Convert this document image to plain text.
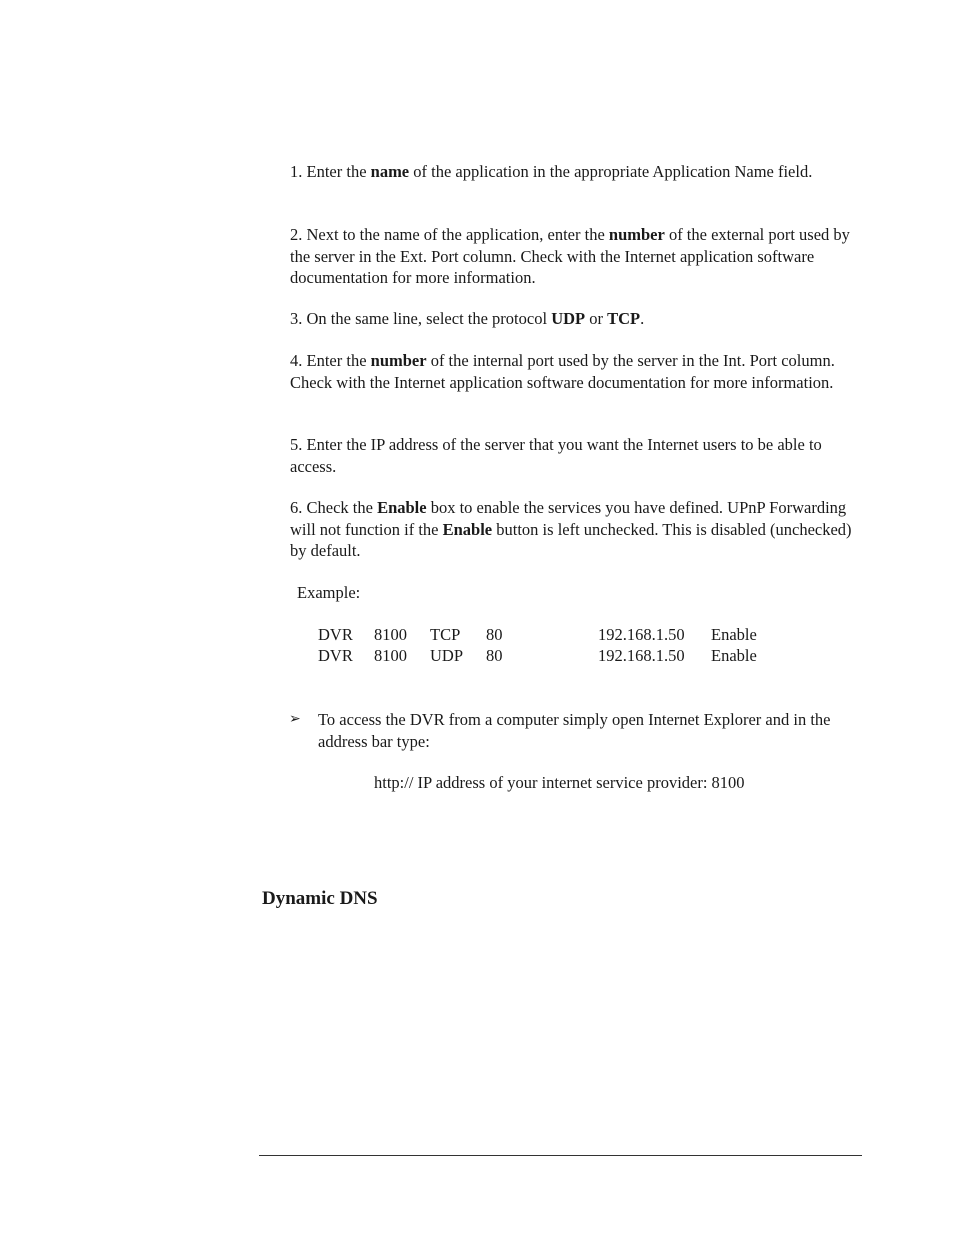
1. Enter the name of the application in the appropriate Application Name field.

2. Next to the name of the application, enter the number of the external port used by the server in the Ext. Port column. Check with the Internet application software documentation for more information.

3. On the same line, select the protocol UDP or TCP.

4. Enter the number of the internal port used by the server in the Int. Port column. Check with the Internet application software documentation for more information.

5. Enter the IP address of the server that you want the Internet users to be able to access.

6. Check the Enable box to enable the services you have defined. UPnP Forwarding will not function if the Enable button is left unchecked. This is disabled (unchecked) by default.

Example:

DVR 8100 TCP 80	192.168.1.50 Enable
DVR 8100 UDP 80	192.168.1.50 Enable
➢	To access the DVR from a computer simply open Internet Explorer and in the address bar type:

http:// IP address of your internet service provider: 8100

Dynamic DNS
